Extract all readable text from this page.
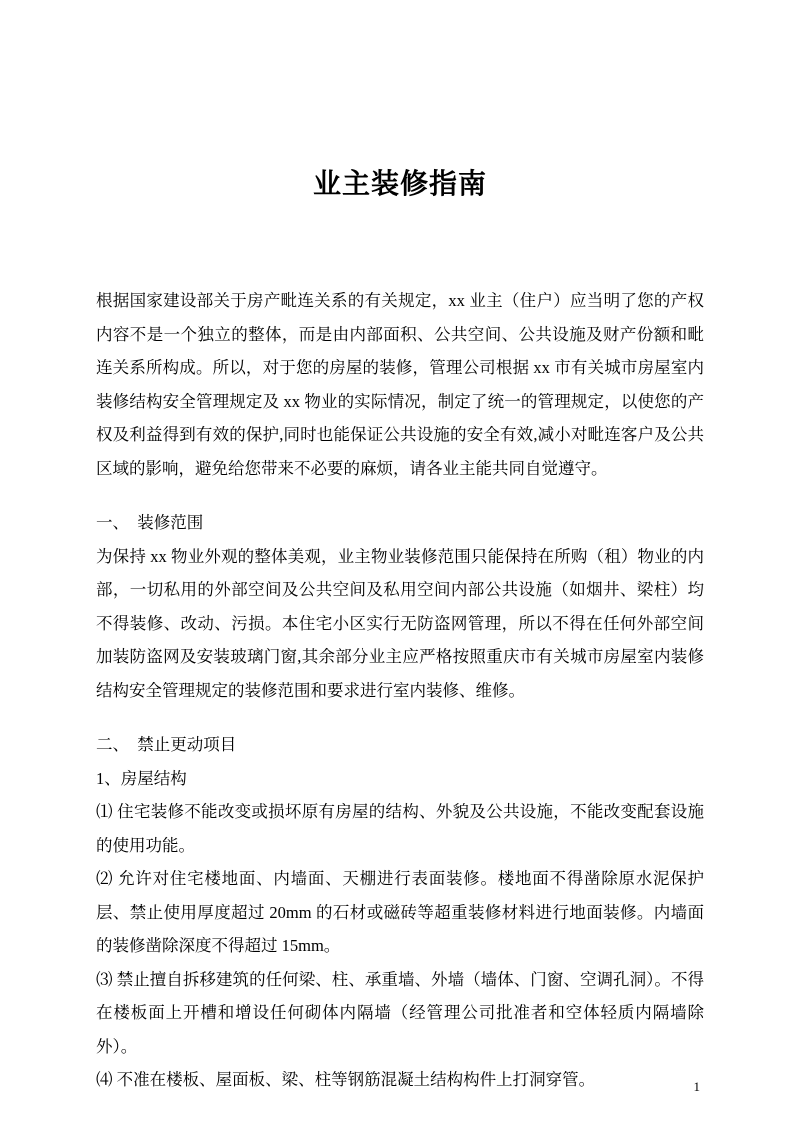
业主装修指南

根据国家建设部关于房产毗连关系的有关规定，xx 业主（住户）应当明了您的产权内容不是一个独立的整体，而是由内部面积、公共空间、公共设施及财产份额和毗连关系所构成。所以，对于您的房屋的装修，管理公司根据 xx 市有关城市房屋室内装修结构安全管理规定及 xx 物业的实际情况，制定了统一的管理规定，以使您的产权及利益得到有效的保护,同时也能保证公共设施的安全有效,减小对毗连客户及公共区域的影响，避免给您带来不必要的麻烦，请各业主能共同自觉遵守。

一、　装修范围

为保持 xx 物业外观的整体美观，业主物业装修范围只能保持在所购（租）物业的内部，一切私用的外部空间及公共空间及私用空间内部公共设施（如烟井、梁柱）均不得装修、改动、污损。本住宅小区实行无防盗网管理，所以不得在任何外部空间加装防盗网及安装玻璃门窗,其余部分业主应严格按照重庆市有关城市房屋室内装修结构安全管理规定的装修范围和要求进行室内装修、维修。

二、　禁止更动项目

1、房屋结构

⑴ 住宅装修不能改变或损坏原有房屋的结构、外貌及公共设施，不能改变配套设施的使用功能。

⑵ 允许对住宅楼地面、内墙面、天棚进行表面装修。楼地面不得凿除原水泥保护层、禁止使用厚度超过 20mm 的石材或磁砖等超重装修材料进行地面装修。内墙面的装修凿除深度不得超过 15mm。

⑶ 禁止擅自拆移建筑的任何梁、柱、承重墙、外墙（墙体、门窗、空调孔洞）。不得在楼板面上开槽和增设任何砌体内隔墙（经管理公司批准者和空体轻质内隔墙除外）。

⑷ 不准在楼板、屋面板、梁、柱等钢筋混凝土结构构件上打洞穿管。	1
